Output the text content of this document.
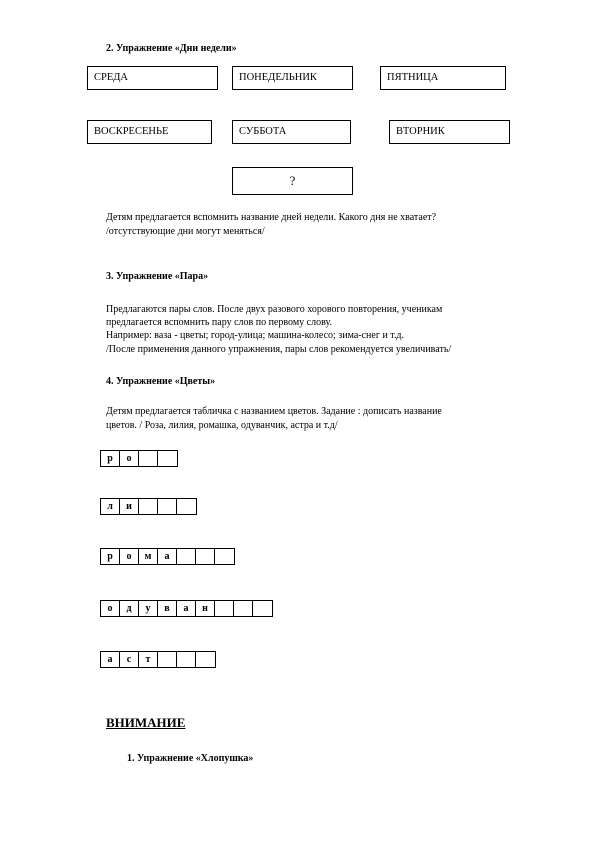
2. Упражнение «Дни недели»
СРЕДА	ПОНЕДЕЛЬНИК	ПЯТНИЦА
ВОСКРЕСЕНЬЕ	СУББОТА	ВТОРНИК
?
Детям предлагается вспомнить название дней недели. Какого дня не хватает?
/отсутствующие дни могут меняться/
3. Упражнение «Пара»
Предлагаются пары слов. После двух разового хорового повторения, ученикам
предлагается вспомнить пару слов по первому слову.
Например: ваза - цветы; город-улица; машина-колесо; зима-снег и т.д.
/После применения данного упражнения, пары слов рекомендуется увеличивать/
4. Упражнение «Цветы»
Детям предлагается табличка с названием цветов. Задание : дописать название
цветов. / Роза, лилия, ромашка, одуванчик, астра и т.д/
р	о
л	и
р	о	м	а
о	д	у	в	а	н
а	с	т
ВНИМАНИЕ
1. Упражнение «Хлопушка»
